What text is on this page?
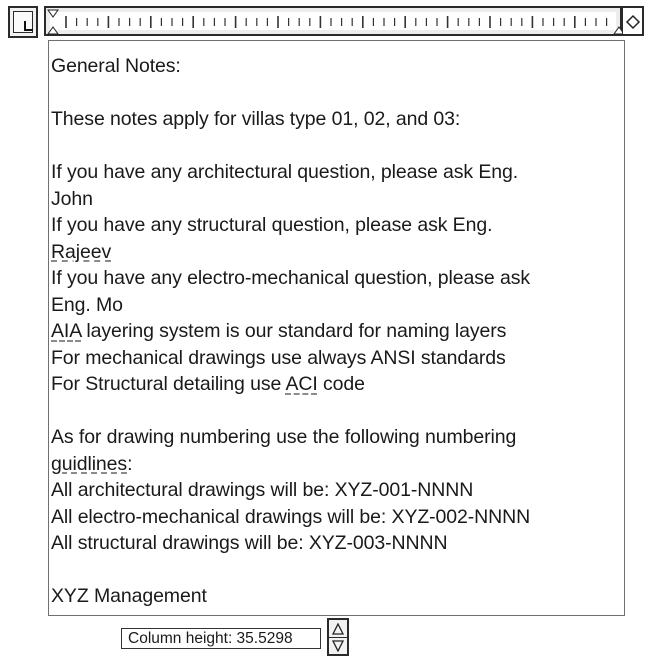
General Notes:
These notes apply for villas type 01, 02, and 03:
If you have any architectural question, please ask Eng.
John
If you have any structural question, please ask Eng.
Rajeev
If you have any electro-mechanical question, please ask
Eng. Mo
AIA layering system is our standard for naming layers
For mechanical drawings use always ANSI standards
For Structural detailing use ACI code
As for drawing numbering use the following numbering
guidlines:
All architectural drawings will be: XYZ-001-NNNN
All electro-mechanical drawings will be: XYZ-002-NNNN
All structural drawings will be: XYZ-003-NNNN
XYZ Management
Column height: 35.5298
